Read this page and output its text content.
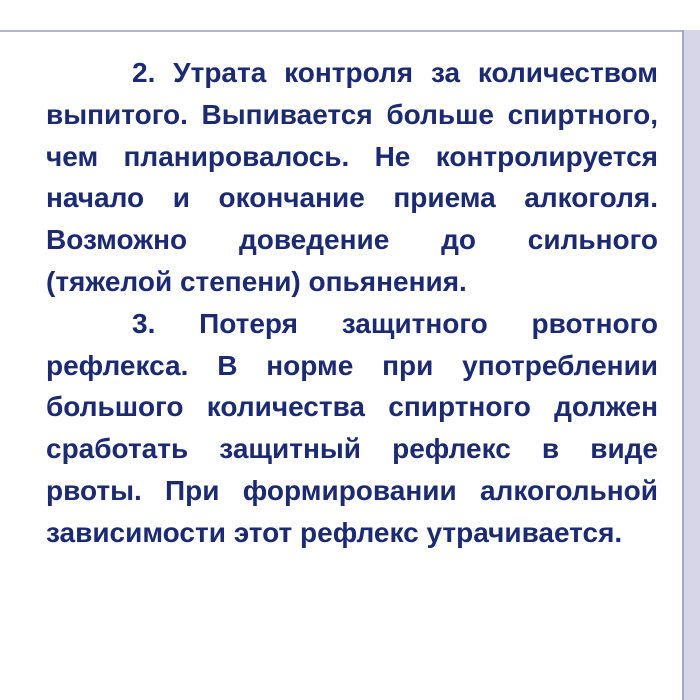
2. Утрата контроля за количеством выпитого. Выпивается больше спиртного, чем планировалось. Не контролируется начало и окончание приема алкоголя. Возможно доведение до сильного (тяжелой степени) опьянения.

3. Потеря защитного рвотного рефлекса. В норме при употреблении большого количества спиртного должен сработать защитный рефлекс в виде рвоты. При формировании алкогольной зависимости этот рефлекс утрачивается.
